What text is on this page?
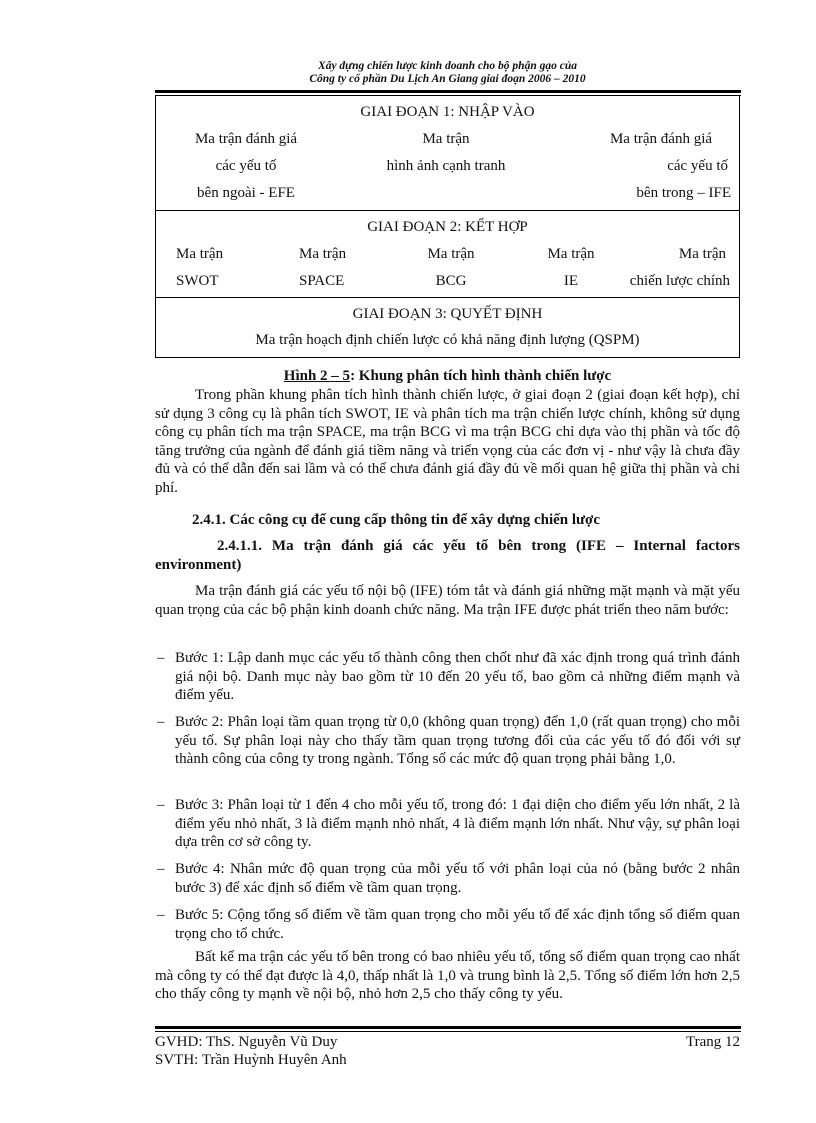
Xây dựng chiến lược kinh doanh cho bộ phận gạo của
Công ty cổ phần Du Lịch An Giang giai đoạn 2006 – 2010
GIAI ĐOẠN 1: NHẬP VÀO
Ma trận đánh giá
các yếu tố
bên ngoài - EFE
Ma trận
hình ảnh cạnh tranh
Ma trận đánh giá
các yếu tố
bên trong – IFE
GIAI ĐOẠN 2: KẾT HỢP
Ma trận
SWOT
Ma trận
SPACE
Ma trận
BCG
Ma trận
IE
Ma trận
chiến lược chính
GIAI ĐOẠN 3: QUYẾT ĐỊNH
Ma trận hoạch định chiến lược có khả năng định lượng (QSPM)
Hình 2 – 5: Khung phân tích hình thành chiến lược
Trong phần khung phân tích hình thành chiến lược, ở giai đoạn 2 (giai đoạn kết hợp), chỉ sử dụng 3 công cụ là phân tích SWOT, IE và phân tích ma trận chiến lược chính, không sử dụng công cụ phân tích ma trận SPACE, ma trận BCG vì ma trận BCG chỉ dựa vào thị phần và tốc độ tăng trưởng của ngành để đánh giá tiềm năng và triển vọng của các đơn vị - như vậy là chưa đầy đủ và có thể dẫn đến sai lầm và có thể chưa đánh giá đầy đủ về mối quan hệ giữa thị phần và chi phí.
2.4.1. Các công cụ để cung cấp thông tin để xây dựng chiến lược
2.4.1.1. Ma trận đánh giá các yếu tố bên trong (IFE – Internal factors environment)
Ma trận đánh giá các yếu tố nội bộ (IFE) tóm tắt và đánh giá những mặt mạnh và mặt yếu quan trọng của các bộ phận kinh doanh chức năng. Ma trận IFE được phát triển theo năm bước:
– Bước 1: Lập danh mục các yếu tố thành công then chốt như đã xác định trong quá trình đánh giá nội bộ. Danh mục này bao gồm từ 10 đến 20 yếu tố, bao gồm cả những điểm mạnh và điểm yếu.
– Bước 2: Phân loại tầm quan trọng từ 0,0 (không quan trọng) đến 1,0 (rất quan trọng) cho mỗi yếu tố. Sự phân loại này cho thấy tầm quan trọng tương đối của các yếu tố đó đối với sự thành công của công ty trong ngành. Tổng số các mức độ quan trọng phải bằng 1,0.
– Bước 3: Phân loại từ 1 đến 4 cho mỗi yếu tố, trong đó: 1 đại diện cho điểm yếu lớn nhất, 2 là điểm yếu nhỏ nhất, 3 là điểm mạnh nhỏ nhất, 4 là điểm mạnh lớn nhất. Như vậy, sự phân loại dựa trên cơ sở công ty.
– Bước 4: Nhân mức độ quan trọng của mỗi yếu tố với phân loại của nó (bằng bước 2 nhân bước 3) để xác định số điểm về tầm quan trọng.
– Bước 5: Cộng tổng số điểm về tầm quan trọng cho mỗi yếu tố để xác định tổng số điểm quan trọng cho tổ chức.
Bất kể ma trận các yếu tố bên trong có bao nhiêu yếu tố, tổng số điểm quan trọng cao nhất mà công ty có thể đạt được là 4,0, thấp nhất là 1,0 và trung bình là 2,5. Tổng số điểm lớn hơn 2,5 cho thấy công ty mạnh về nội bộ, nhỏ hơn 2,5 cho thấy công ty yếu.
GVHD: ThS. Nguyễn Vũ Duy
SVTH: Trần Huỳnh Huyên Anh
Trang 12
